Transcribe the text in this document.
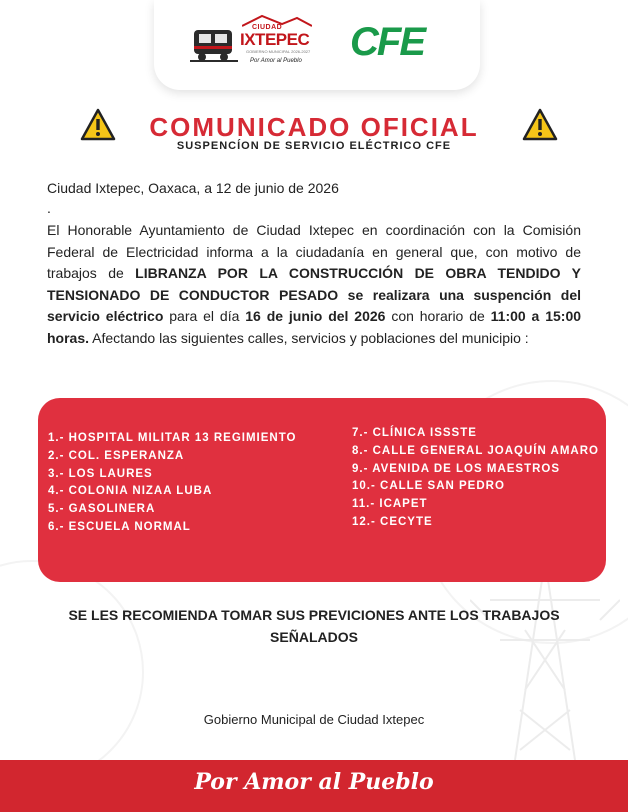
CIUDAD
IXTEPEC
GOBIERNO MUNICIPAL 2026-2027
Por Amor al Pueblo CFE
COMUNICADO OFICIAL
SUSPENCÍON DE SERVICIO ELÉCTRICO CFE
Ciudad Ixtepec, Oaxaca, a 12 de junio de 2026
.
El Honorable Ayuntamiento de Ciudad Ixtepec en coordinación con la Comisión Federal de Electricidad informa a la ciudadanía en general que, con motivo de trabajos de LIBRANZA POR LA CONSTRUCCIÓN DE OBRA TENDIDO Y TENSIONADO DE CONDUCTOR PESADO se realizara una suspención del servicio eléctrico para el día 16 de junio del 2026 con horario de 11:00 a 15:00 horas. Afectando las siguientes calles, servicios y poblaciones del municipio :
1.- HOSPITAL MILITAR 13 REGIMIENTO
2.- COL. ESPERANZA
3.- LOS LAURES
4.- COLONIA NIZAA LUBA
5.- GASOLINERA
6.- ESCUELA NORMAL
7.- CLÍNICA ISSSTE
8.- CALLE GENERAL JOAQUÍN AMARO
9.- AVENIDA DE LOS MAESTROS
10.- CALLE SAN PEDRO
11.- ICAPET
12.- CECYTE
SE LES RECOMIENDA TOMAR SUS PREVICIONES ANTE LOS TRABAJOS SEÑALADOS
Gobierno Municipal de Ciudad Ixtepec
Por Amor al Pueblo
